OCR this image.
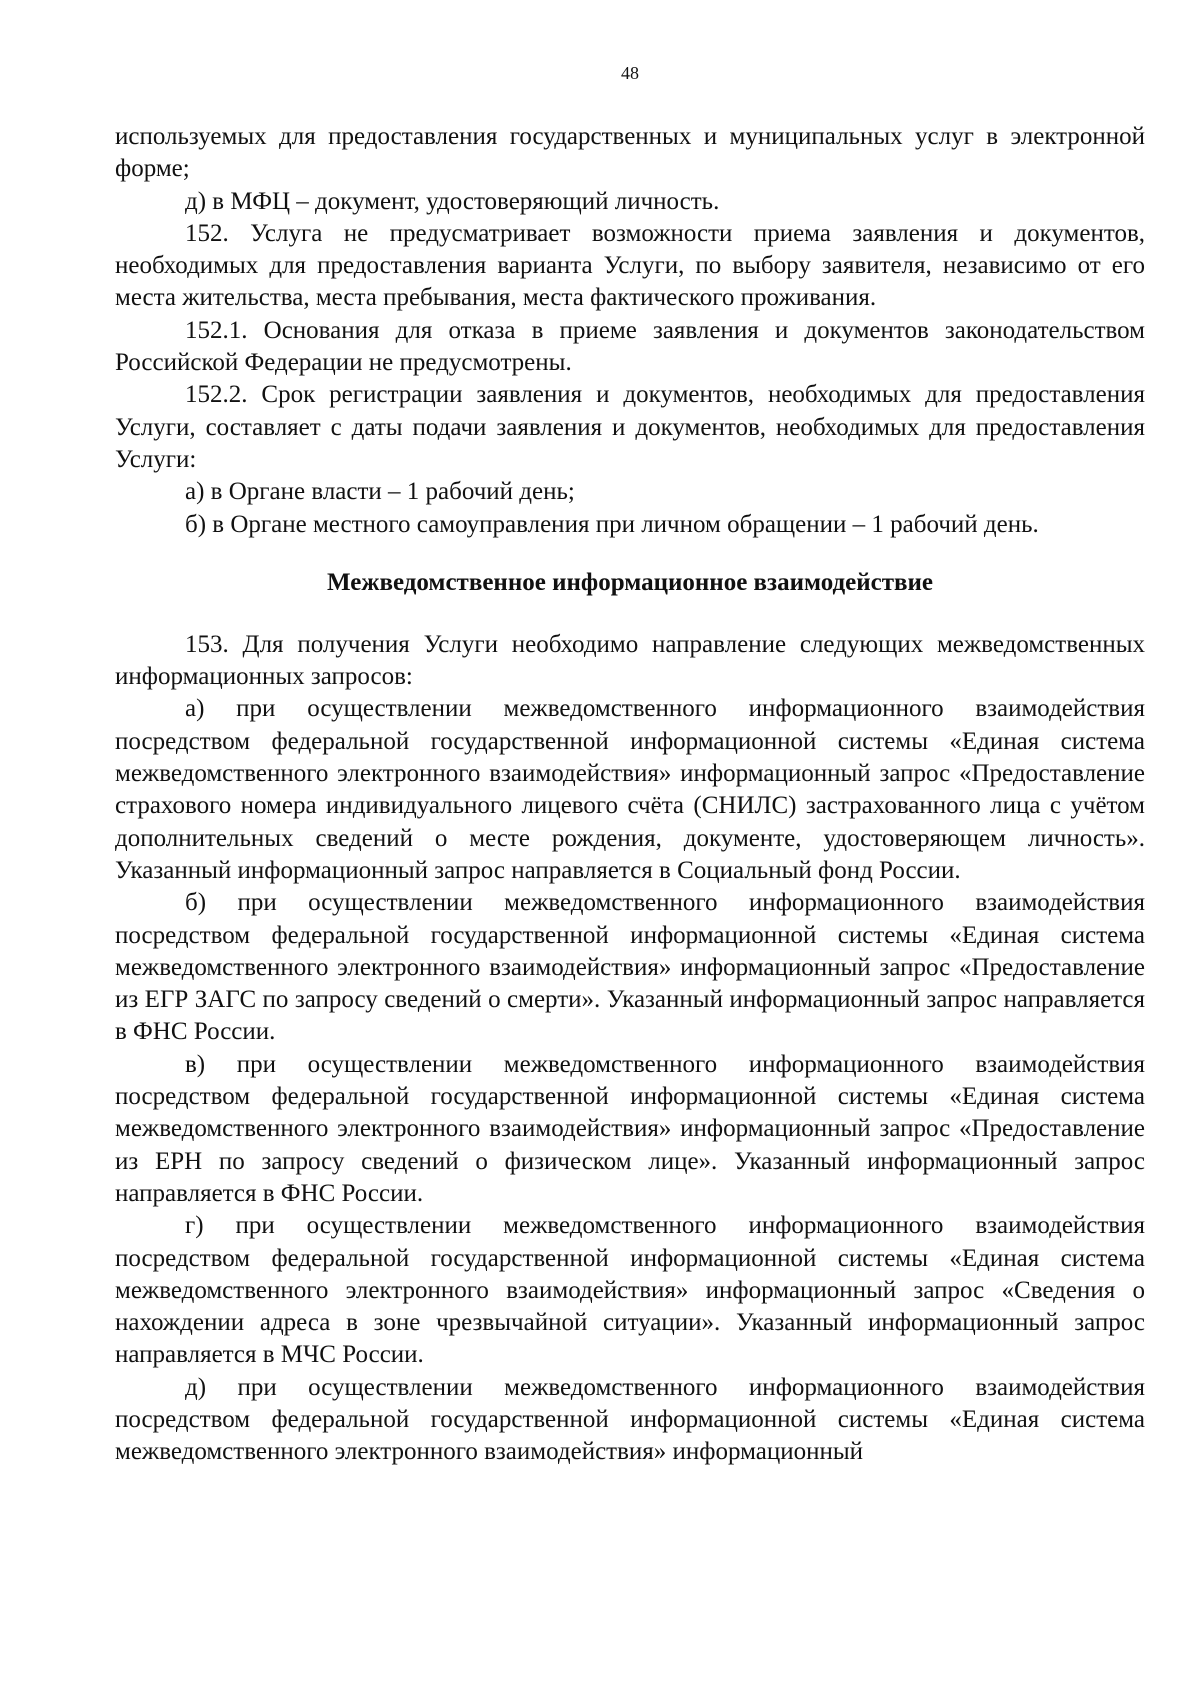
48

используемых для предоставления государственных и муниципальных услуг в электронной форме;

д) в МФЦ – документ, удостоверяющий личность.

152. Услуга не предусматривает возможности приема заявления и документов, необходимых для предоставления варианта Услуги, по выбору заявителя, независимо от его места жительства, места пребывания, места фактического проживания.

152.1. Основания для отказа в приеме заявления и документов законодательством Российской Федерации не предусмотрены.

152.2. Срок регистрации заявления и документов, необходимых для предоставления Услуги, составляет с даты подачи заявления и документов, необходимых для предоставления Услуги:

а) в Органе власти – 1 рабочий день;

б) в Органе местного самоуправления при личном обращении – 1 рабочий день.

Межведомственное информационное взаимодействие

153. Для получения Услуги необходимо направление следующих межведомственных информационных запросов:

а) при осуществлении межведомственного информационного взаимодействия посредством федеральной государственной информационной системы «Единая система межведомственного электронного взаимодействия» информационный запрос «Предоставление страхового номера индивидуального лицевого счёта (СНИЛС) застрахованного лица с учётом дополнительных сведений о месте рождения, документе, удостоверяющем личность». Указанный информационный запрос направляется в Социальный фонд России.

б) при осуществлении межведомственного информационного взаимодействия посредством федеральной государственной информационной системы «Единая система межведомственного электронного взаимодействия» информационный запрос «Предоставление из ЕГР ЗАГС по запросу сведений о смерти». Указанный информационный запрос направляется в ФНС России.

в) при осуществлении межведомственного информационного взаимодействия посредством федеральной государственной информационной системы «Единая система межведомственного электронного взаимодействия» информационный запрос «Предоставление из ЕРН по запросу сведений о физическом лице». Указанный информационный запрос направляется в ФНС России.

г) при осуществлении межведомственного информационного взаимодействия посредством федеральной государственной информационной системы «Единая система межведомственного электронного взаимодействия» информационный запрос «Сведения о нахождении адреса в зоне чрезвычайной ситуации». Указанный информационный запрос направляется в МЧС России.

д) при осуществлении межведомственного информационного взаимодействия посредством федеральной государственной информационной системы «Единая система межведомственного электронного взаимодействия» информационный
